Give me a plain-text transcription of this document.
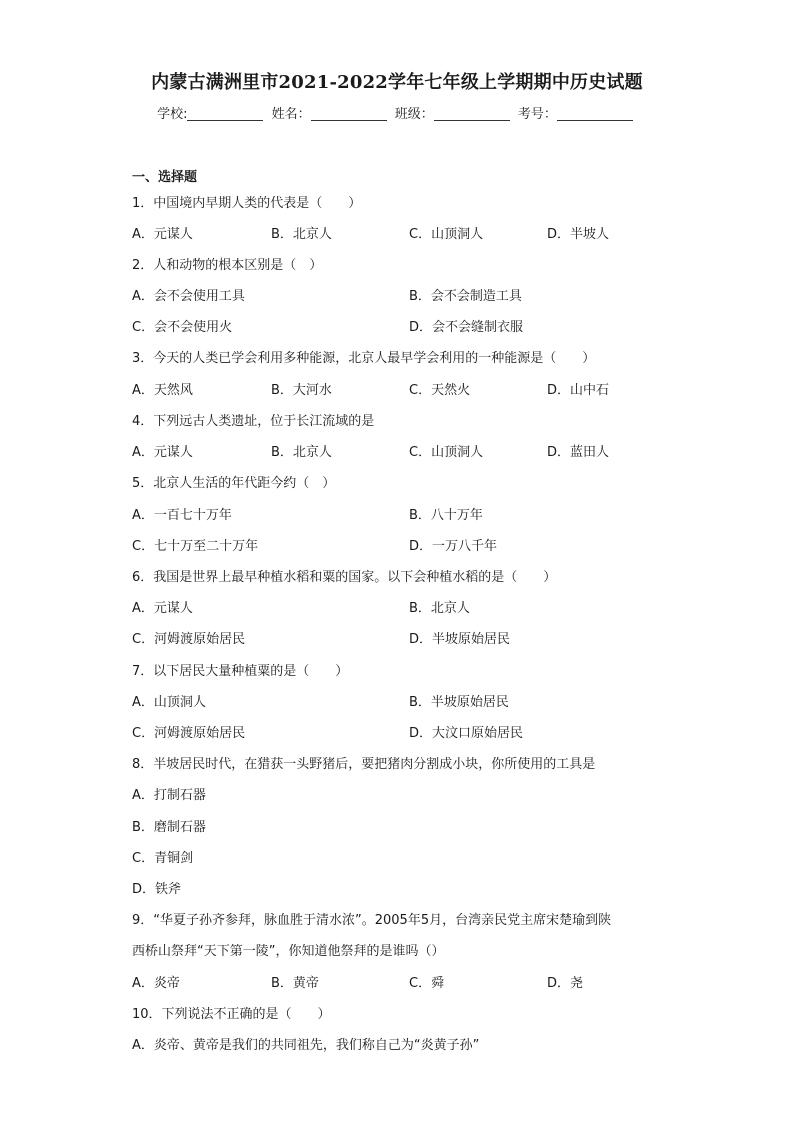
内蒙古满洲里市2021-2022学年七年级上学期期中历史试题
学校:	姓名：	班级：	考号：
一、选择题
1．中国境内早期人类的代表是（　　）
A．元谋人	B．北京人	C．山顶洞人	D．半坡人
2．人和动物的根本区别是（　）
A．会不会使用工具	B．会不会制造工具
C．会不会使用火	D．会不会缝制衣服
3．今天的人类已学会利用多种能源，北京人最早学会利用的一种能源是（　　）
A．天然风	B．大河水	C．天然火	D．山中石
4．下列远古人类遗址，位于长江流域的是
A．元谋人	B．北京人	C．山顶洞人	D．蓝田人
5．北京人生活的年代距今约（　）
A．一百七十万年	B．八十万年
C．七十万至二十万年	D．一万八千年
6．我国是世界上最早种植水稻和粟的国家。以下会种植水稻的是（　　）
A．元谋人	B．北京人
C．河姆渡原始居民	D．半坡原始居民
7．以下居民大量种植粟的是（　　）
A．山顶洞人	B．半坡原始居民
C．河姆渡原始居民	D．大汶口原始居民
8．半坡居民时代，在猎获一头野猪后，要把猪肉分割成小块，你所使用的工具是
A．打制石器
B．磨制石器
C．青铜剑
D．铁斧
9．“华夏子孙齐参拜，脉血胜于清水浓”。2005年5月，台湾亲民党主席宋楚瑜到陕
西桥山祭拜“天下第一陵”，你知道他祭拜的是谁吗（）
A．炎帝	B．黄帝	C．舜	D．尧
10．下列说法不正确的是（　　）
A．炎帝、黄帝是我们的共同祖先，我们称自己为“炎黄子孙”
